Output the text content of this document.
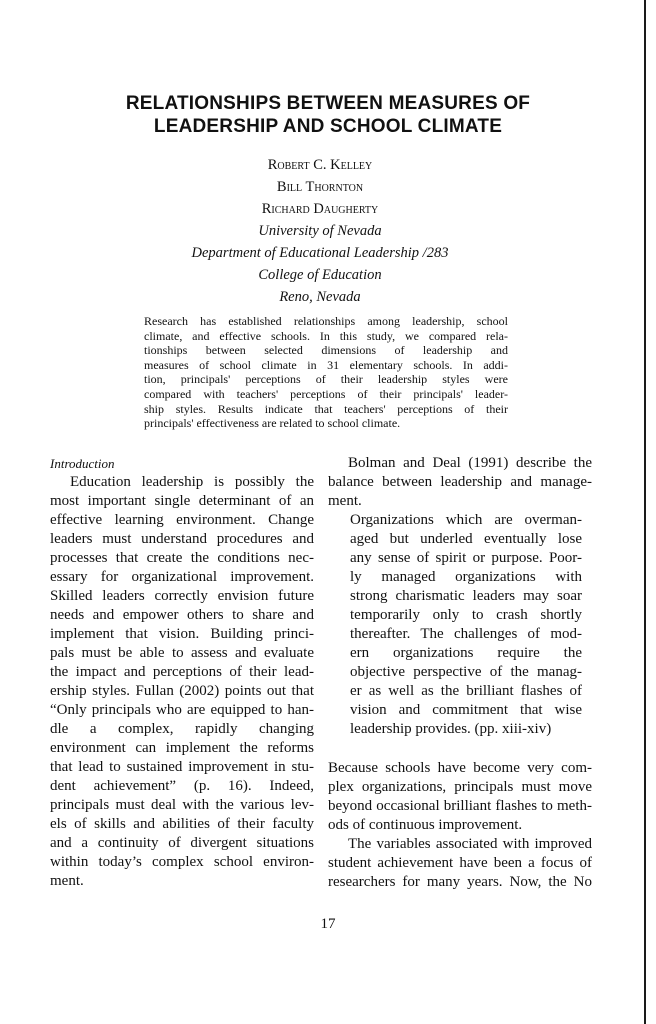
RELATIONSHIPS BETWEEN MEASURES OF
LEADERSHIP AND SCHOOL CLIMATE
Robert C. Kelley
Bill Thornton
Richard Daugherty
University of Nevada
Department of Educational Leadership /283
College of Education
Reno, Nevada
Research has established relationships among leadership, school
climate, and effective schools. In this study, we compared rela-
tionships between selected dimensions of leadership and
measures of school climate in 31 elementary schools. In addi-
tion, principals' perceptions of their leadership styles were
compared with teachers' perceptions of their principals' leader-
ship styles. Results indicate that teachers' perceptions of their
principals' effectiveness are related to school climate.
Introduction
Education leadership is possibly the
most important single determinant of an
effective learning environment. Change
leaders must understand procedures and
processes that create the conditions nec-
essary for organizational improvement.
Skilled leaders correctly envision future
needs and empower others to share and
implement that vision. Building princi-
pals must be able to assess and evaluate
the impact and perceptions of their lead-
ership styles. Fullan (2002) points out that
“Only principals who are equipped to han-
dle a complex, rapidly changing
environment can implement the reforms
that lead to sustained improvement in stu-
dent achievement” (p. 16). Indeed,
principals must deal with the various lev-
els of skills and abilities of their faculty
and a continuity of divergent situations
within today’s complex school environ-
ment.
Bolman and Deal (1991) describe the
balance between leadership and manage-
ment.
Organizations which are overman-
aged but underled eventually lose
any sense of spirit or purpose. Poor-
ly managed organizations with
strong charismatic leaders may soar
temporarily only to crash shortly
thereafter. The challenges of mod-
ern organizations require the
objective perspective of the manag-
er as well as the brilliant flashes of
vision and commitment that wise
leadership provides. (pp. xiii-xiv)
Because schools have become very com-
plex organizations, principals must move
beyond occasional brilliant flashes to meth-
ods of continuous improvement.
The variables associated with improved
student achievement have been a focus of
researchers for many years. Now, the No
17
